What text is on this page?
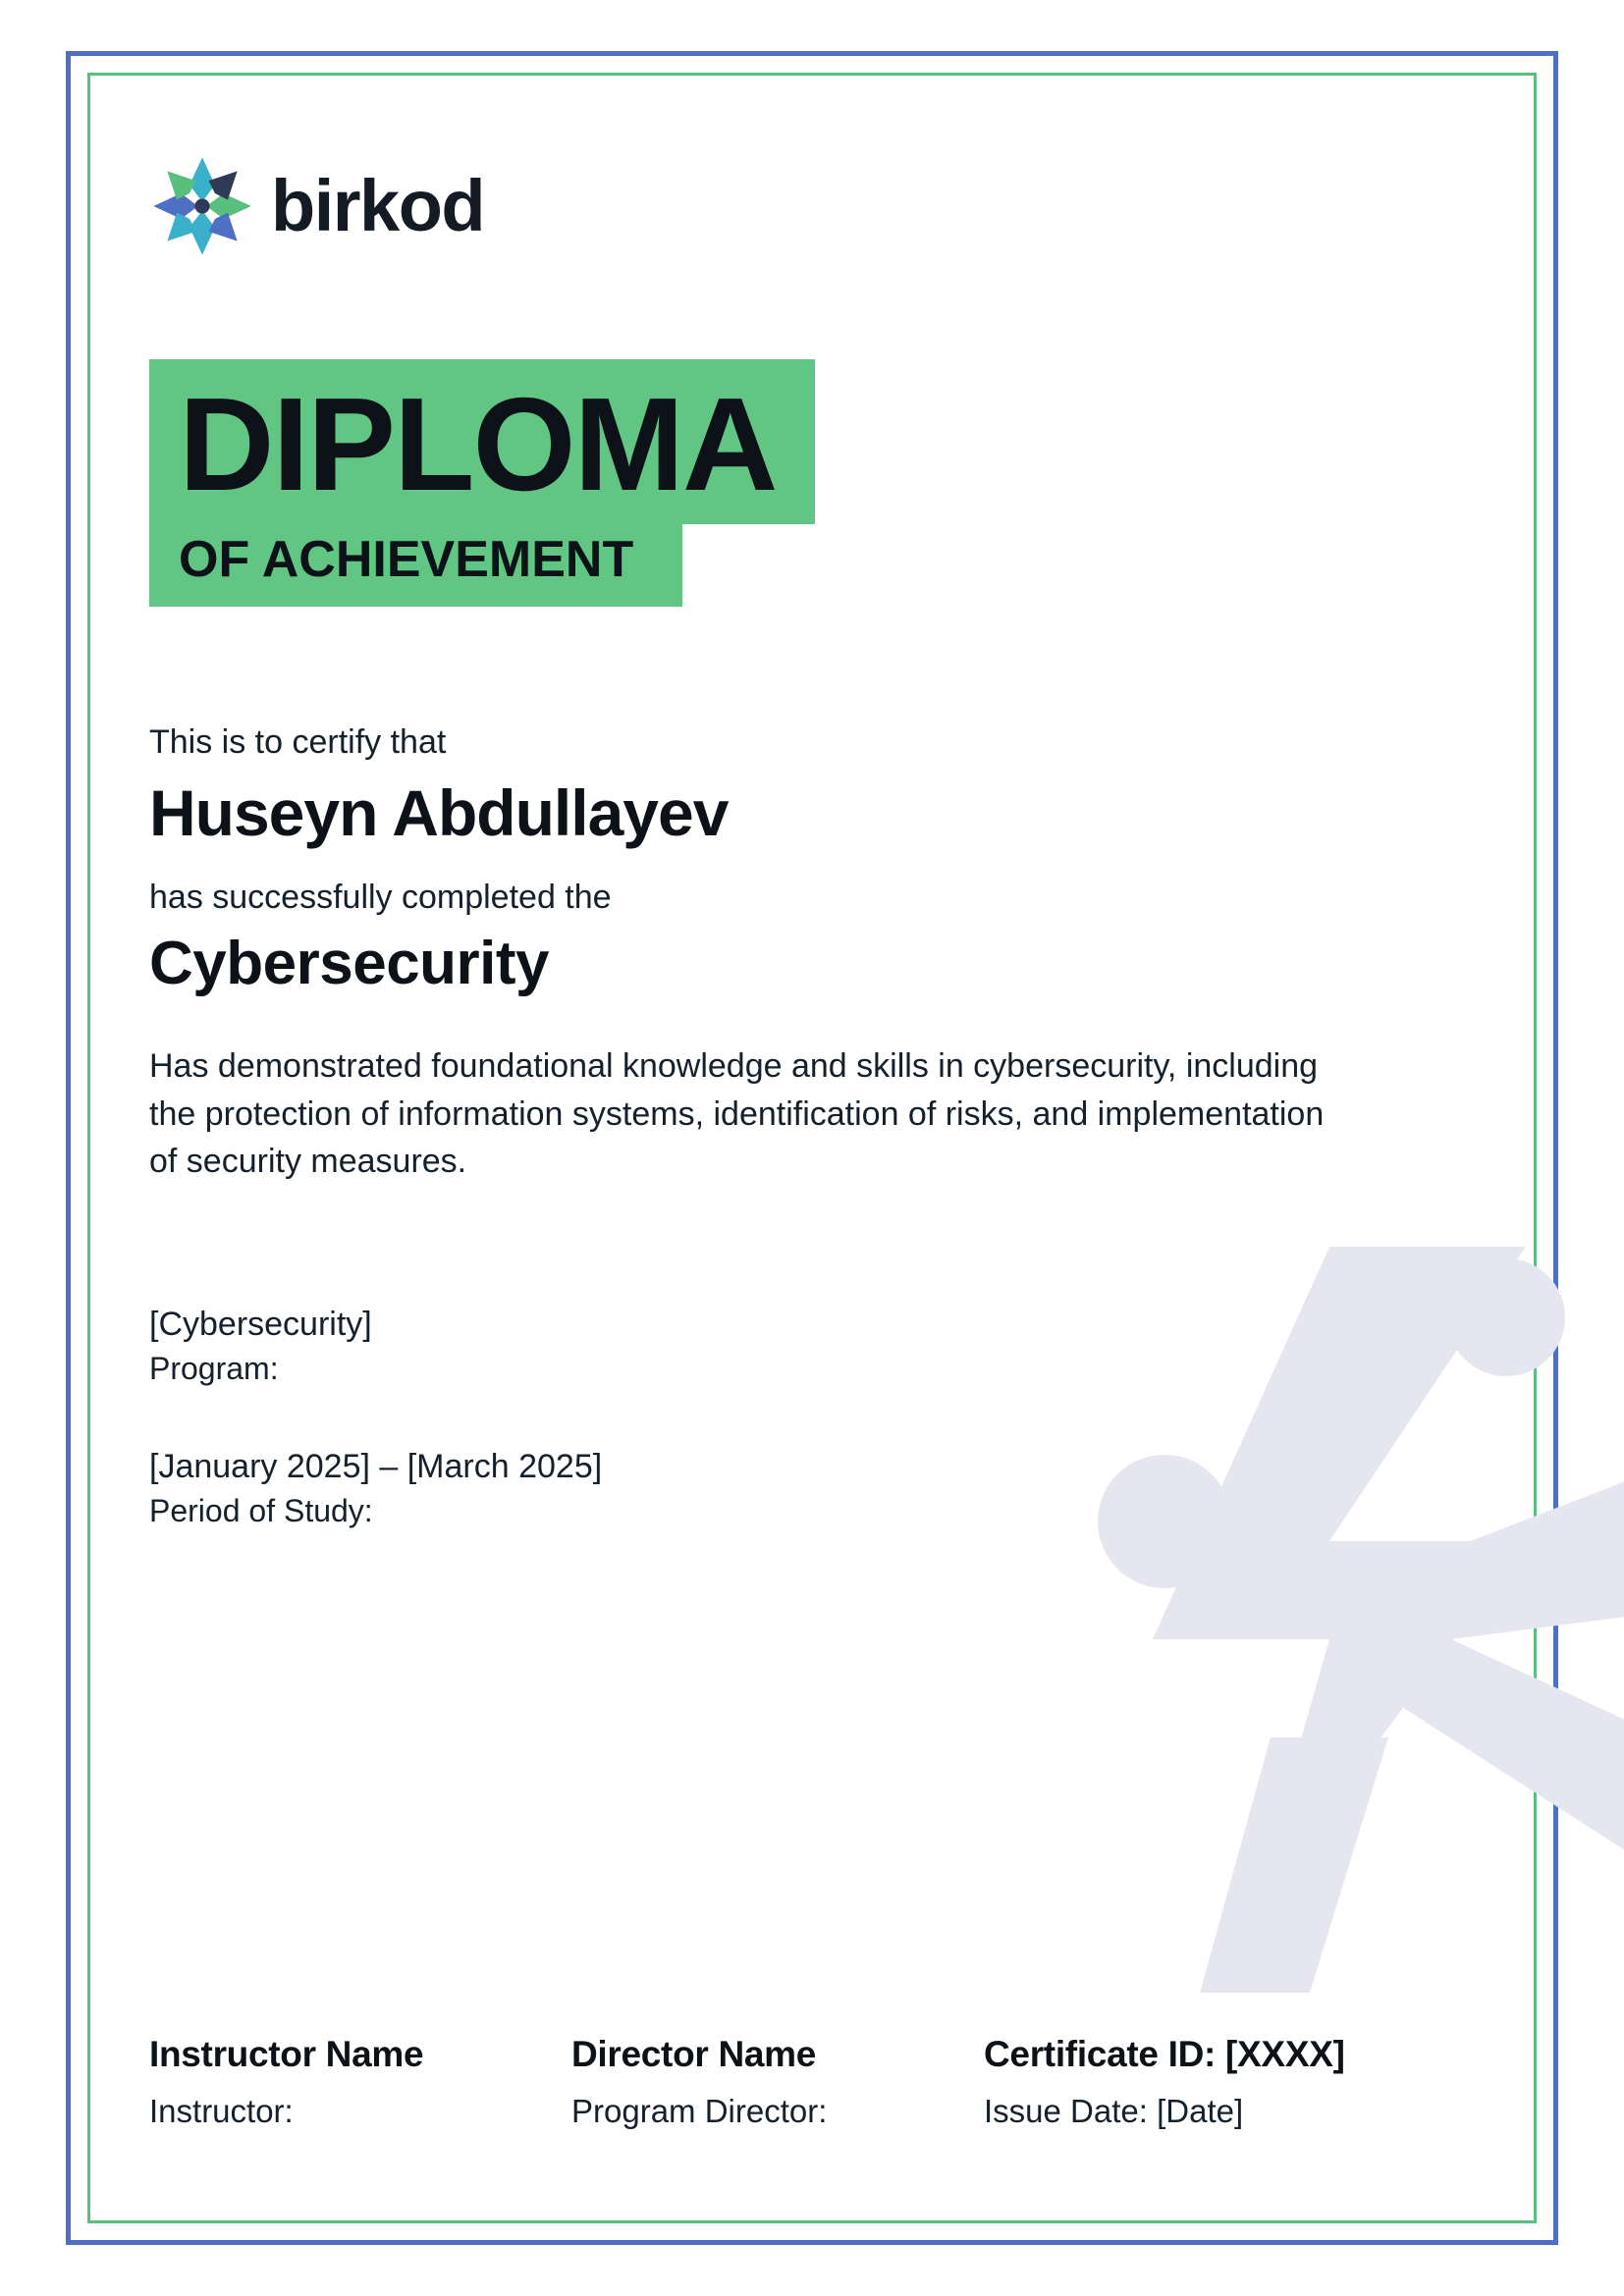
birkod
DIPLOMA
OF ACHIEVEMENT
This is to certify that
Huseyn Abdullayev
has successfully completed the
Cybersecurity
Has demonstrated foundational knowledge and skills in cybersecurity, including the protection of information systems, identification of risks, and implementation of security measures.
[Cybersecurity]
Program:
[January 2025] – [March 2025]
Period of Study:
Instructor Name
Instructor:
Director Name
Program Director:
Certificate ID: [XXXX]
Issue Date: [Date]
